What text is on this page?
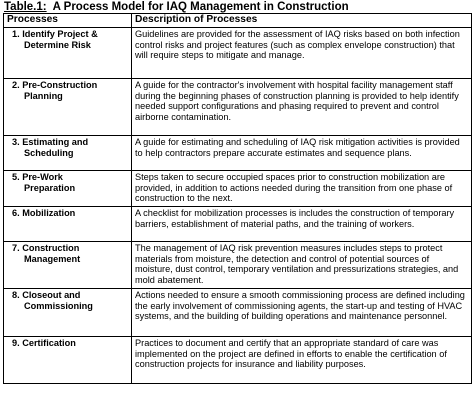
Table.1: A Process Model for IAQ Management in Construction
Processes	Description of Processes

1. Identify Project &
Determine Risk	Guidelines are provided for the assessment of IAQ risks based on both infection control risks and project features (such as complex envelope construction) that will require steps to mitigate and manage.

2. Pre-Construction
Planning	A guide for the contractor's involvement with hospital facility management staff during the beginning phases of construction planning is provided to help identify needed support configurations and phasing required to prevent and control airborne contamination.

3. Estimating and
Scheduling	A guide for estimating and scheduling of IAQ risk mitigation activities is provided to help contractors prepare accurate estimates and sequence plans.

5. Pre-Work
Preparation	Steps taken to secure occupied spaces prior to construction mobilization are provided, in addition to actions needed during the transition from one phase of construction to the next.

6. Mobilization	A checklist for mobilization processes is includes the construction of temporary barriers, establishment of material paths, and the training of workers.

7. Construction
Management	The management of IAQ risk prevention measures includes steps to protect materials from moisture, the detection and control of potential sources of moisture, dust control, temporary ventilation and pressurizations strategies, and mold abatement.

8. Closeout and
Commissioning	Actions needed to ensure a smooth commissioning process are defined including the early involvement of commissioning agents, the start-up and testing of HVAC systems, and the building of building operations and maintenance personnel.

9. Certification	Practices to document and certify that an appropriate standard of care was implemented on the project are defined in efforts to enable the certification of construction projects for insurance and liability purposes.
